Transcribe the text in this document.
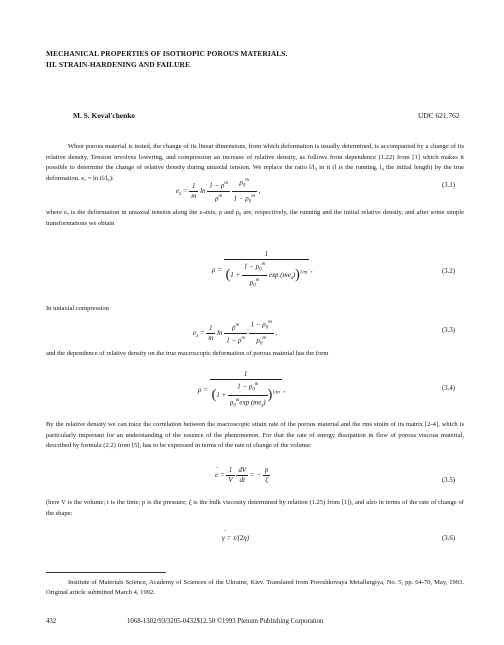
MECHANICAL PROPERTIES OF ISOTROPIC POROUS MATERIALS.
III. STRAIN-HARDENING AND FAILURE
M. S. Koval'chenko	UDC 621.762

When porous material is tested, the change of its linear dimensions, from which deformation is usually determined, is accompanied by a change of its relative density. Tension involves lowering, and compression an increase of relative density, as follows from dependence (1.22) from [1] which makes it possible to determine the change of relative density during uniaxial tension. We replace the ratio l/l₀ in it (l is the running, l₀ the initial length) by the true deformation. eₓ = ln (l/l₀):

$e_z = \frac{1}{m}$ $\ln \frac{1 - \rho^m}{\rho^m}$
$\frac{\rho_0^m}{1 - \rho_0^m}$ ,
(3.1)

where eₓ is the deformation in uniaxial tension along the z-axis; ρ and ρ₀ are, respectively, the running and the initial relative density, and after some simple transformations we obtain

$\rho = \frac{1}{(1 + \frac{1 - \rho_0^m}{\rho_0^m} \exp (me_z))^{1/m}}$ ,	(3.2)

In uniaxial compression

$e_z = \frac{1}{m}$ $\ln \frac{\rho^m}{1 - \rho^m}$
$\frac{1 - \rho_0^m}{\rho_0^m}$ ,	(3.3)

and the dependence of relative density on the true macroscopic deformation of porous material has the form

$\rho = \frac{1}{(1 + \frac{1 - \rho_0^m}{\rho_0^m\exp (me_z)} )^{1/m}}$ ,	(3.4)

By the relative density we can trace the correlation between the macroscopic strain rate of the porous material and the rms strain of its matrix [2-4], which is particularly important for an understanding of the essence of the phenomenon. For that the rate of energy dissipation in flow of porous viscous material, described by formula (2.2) from [5], has to be expressed in terms of the rate of change of the volume:

e
·
= $\frac{1}{V}$
$\frac{dV}{dt}$ = − $\frac{p}{\zeta}$	(3.5)

(here V is the volume; t is the time; p is the pressure; ζ is the bulk viscosity determined by relation (1.25) from [1]), and also in terms of the rate of change of the shape:

γ
·
= τ/(2η)	(3.6)

Institute of Materials Science, Academy of Sciences of the Ukraine, Kiev. Translated from Poroshkovaya Metallurgiya, No. 5, pp. 64-70, May, 1993. Original article submitted March 4, 1992.

432	1068-1302/93/3205-0432$12.50 ©1993 Plenum Publishing Corporation
